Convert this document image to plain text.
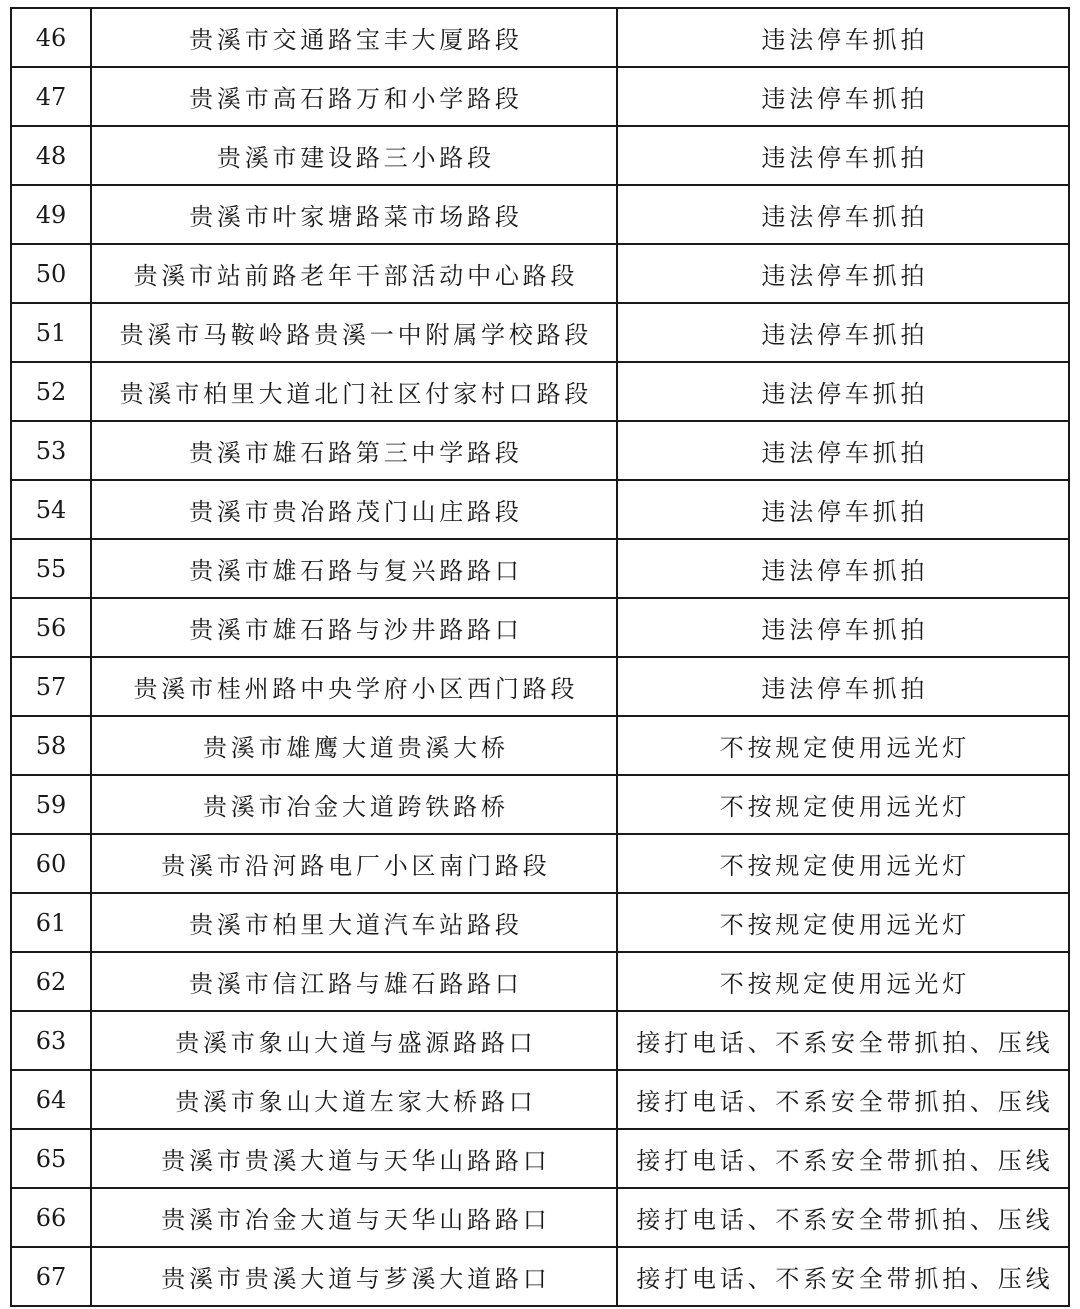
46	贵溪市交通路宝丰大厦路段	违法停车抓拍
47	贵溪市高石路万和小学路段	违法停车抓拍
48	贵溪市建设路三小路段	违法停车抓拍
49	贵溪市叶家塘路菜市场路段	违法停车抓拍
50	贵溪市站前路老年干部活动中心路段	违法停车抓拍
51	贵溪市马鞍岭路贵溪一中附属学校路段	违法停车抓拍
52	贵溪市柏里大道北门社区付家村口路段	违法停车抓拍
53	贵溪市雄石路第三中学路段	违法停车抓拍
54	贵溪市贵冶路茂门山庄路段	违法停车抓拍
55	贵溪市雄石路与复兴路路口	违法停车抓拍
56	贵溪市雄石路与沙井路路口	违法停车抓拍
57	贵溪市桂州路中央学府小区西门路段	违法停车抓拍
58	贵溪市雄鹰大道贵溪大桥	不按规定使用远光灯
59	贵溪市冶金大道跨铁路桥	不按规定使用远光灯
60	贵溪市沿河路电厂小区南门路段	不按规定使用远光灯
61	贵溪市柏里大道汽车站路段	不按规定使用远光灯
62	贵溪市信江路与雄石路路口	不按规定使用远光灯
63	贵溪市象山大道与盛源路路口	接打电话、不系安全带抓拍、压线
64	贵溪市象山大道左家大桥路口	接打电话、不系安全带抓拍、压线
65	贵溪市贵溪大道与天华山路路口	接打电话、不系安全带抓拍、压线
66	贵溪市冶金大道与天华山路路口	接打电话、不系安全带抓拍、压线
67	贵溪市贵溪大道与芗溪大道路口	接打电话、不系安全带抓拍、压线
